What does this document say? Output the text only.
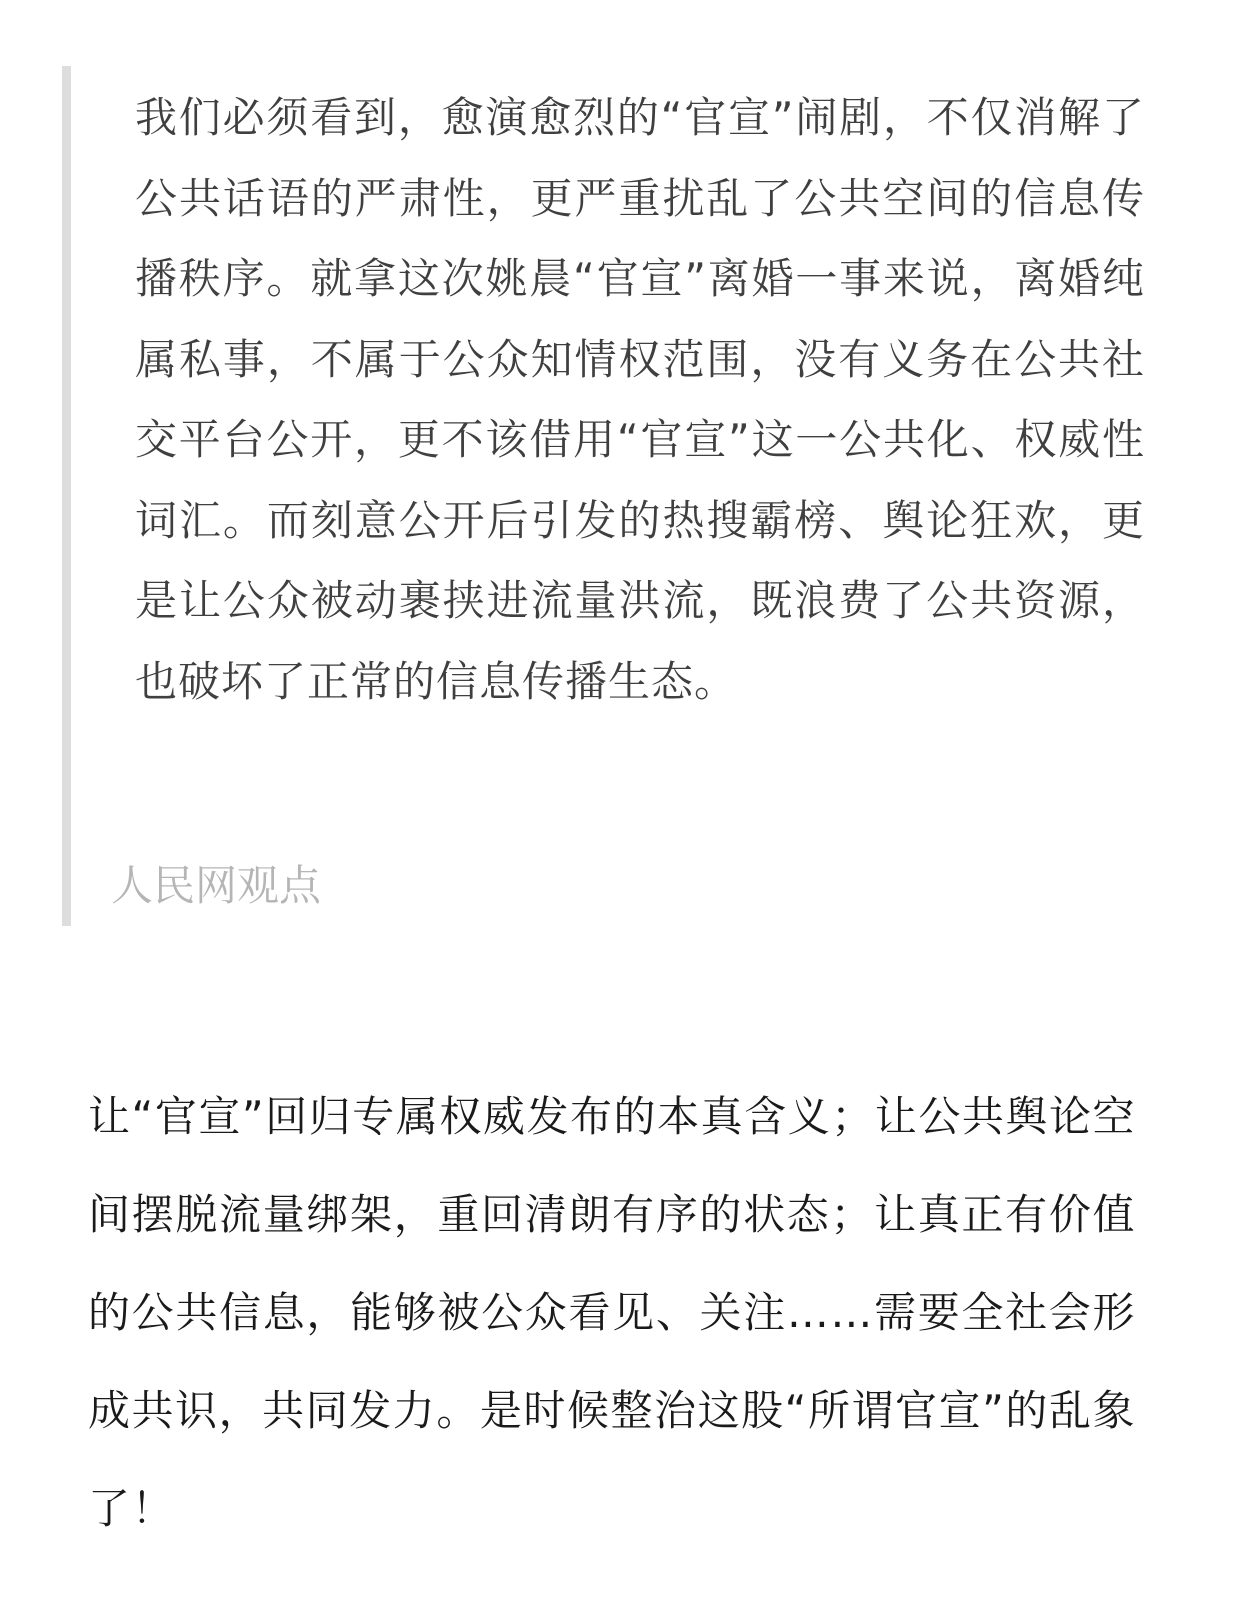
我们必须看到，愈演愈烈的“官宣”闹剧，不仅消解了公共话语的严肃性，更严重扰乱了公共空间的信息传播秩序。就拿这次姚晨“官宣”离婚一事来说，离婚纯属私事，不属于公众知情权范围，没有义务在公共社交平台公开，更不该借用“官宣”这一公共化、权威性词汇。而刻意公开后引发的热搜霸榜、舆论狂欢，更是让公众被动裹挟进流量洪流，既浪费了公共资源，也破坏了正常的信息传播生态。

人民网观点

让“官宣”回归专属权威发布的本真含义；让公共舆论空间摆脱流量绑架，重回清朗有序的状态；让真正有价值的公共信息，能够被公众看见、关注……需要全社会形成共识，共同发力。是时候整治这股“所谓官宣”的乱象了！
